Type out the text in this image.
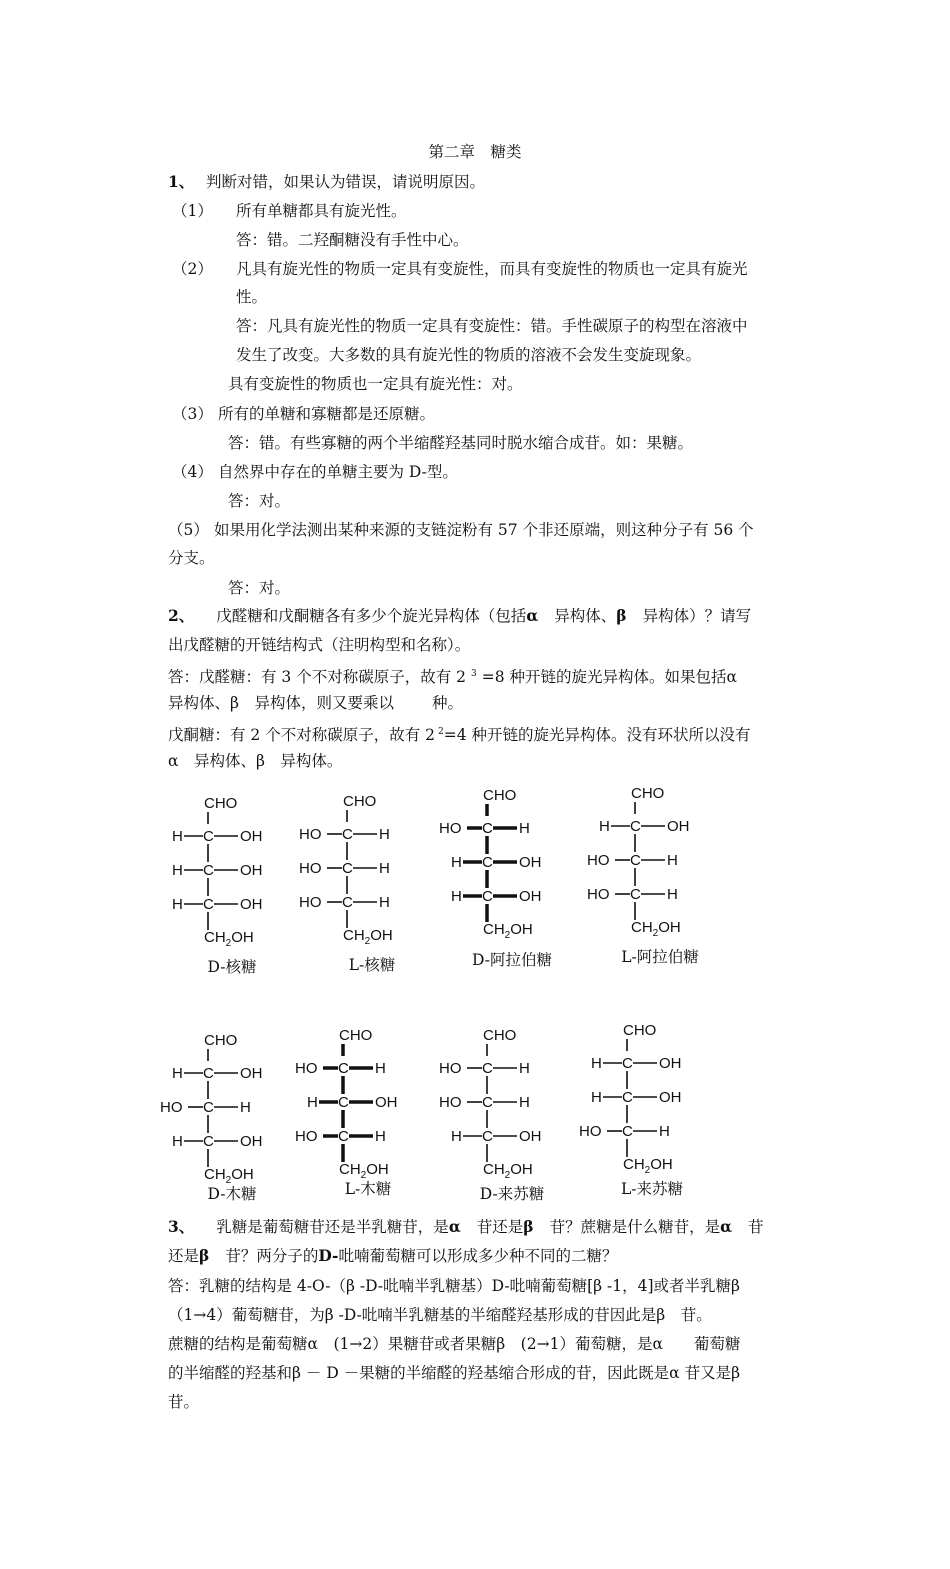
第二章　糖类
1、 判断对错，如果认为错误，请说明原因。
（1） 所有单糖都具有旋光性。
答：错。二羟酮糖没有手性中心。
（2） 凡具有旋光性的物质一定具有变旋性，而具有变旋性的物质也一定具有旋光
性。
答：凡具有旋光性的物质一定具有变旋性：错。手性碳原子的构型在溶液中
发生了改变。大多数的具有旋光性的物质的溶液不会发生变旋现象。
具有变旋性的物质也一定具有旋光性：对。
（3） 所有的单糖和寡糖都是还原糖。
答：错。有些寡糖的两个半缩醛羟基同时脱水缩合成苷。如：果糖。
（4） 自然界中存在的单糖主要为 D-型。
答：对。
（5） 如果用化学法测出某种来源的支链淀粉有 57 个非还原端，则这种分子有 56 个
分支。
答：对。
2、 戊醛糖和戊酮糖各有多少个旋光异构体（包括α 异构体、β 异构体）？请写
出戊醛糖的开链结构式（注明构型和名称）。
答：戊醛糖：有 3 个不对称碳原子，故有 2 $^3$ =8 种开链的旋光异构体。如果包括α
异构体、β　异构体，则又要乘以 种。
戊酮糖：有 2 个不对称碳原子，故有 2 $^2$=4 种开链的旋光异构体。没有环状所以没有
α　异构体、β　异构体。
CHO
H C OH
H C OH
H C OH
$CH_2OH$
D-核糖
CHO
HO C H
HO C H
HO C H
$CH_2OH$
L-核糖
CHO
HO C H
H C OH
H C OH
$CH_2OH$
D-阿拉伯糖
CHO
H C OH
HO C H
HO C H
$CH_2OH$
L-阿拉伯糖
CHO
H C OH
HO C H
H C OH
$CH_2OH$
D-木糖
CHO
HO C H
H C OH
HO C H
$CH_2OH$
L-木糖
CHO
HO C H
HO C H
H C OH
$CH_2OH$
D-来苏糖
CHO
H C OH
H C OH
HO C H
$CH_2OH$
L-来苏糖
3、 乳糖是葡萄糖苷还是半乳糖苷，是α 苷还是β 苷？蔗糖是什么糖苷，是α 苷
还是β 苷？两分子的D-吡喃葡萄糖可以形成多少种不同的二糖？
答：乳糖的结构是 4-O-（β -D-吡喃半乳糖基）D-吡喃葡萄糖[β -1，4]或者半乳糖β
（1→4）葡萄糖苷，为β -D-吡喃半乳糖基的半缩醛羟基形成的苷因此是β　苷。
蔗糖的结构是葡萄糖α　(1→2）果糖苷或者果糖β　(2→1）葡萄糖，是α　　葡萄糖
的半缩醛的羟基和β － D －果糖的半缩醛的羟基缩合形成的苷，因此既是α 苷又是β
苷。
